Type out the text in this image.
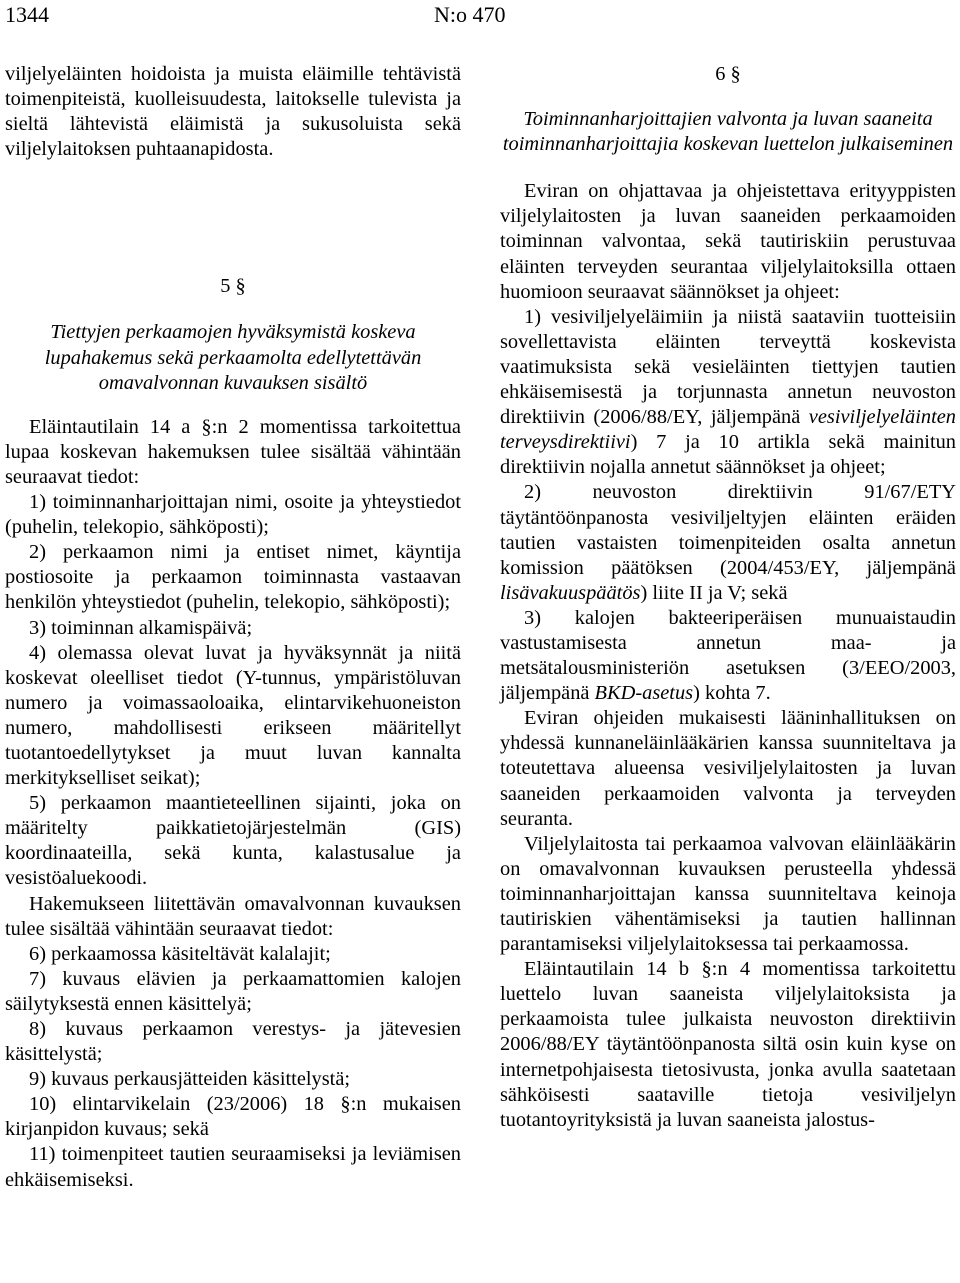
1344	N:o 470

viljelyeläinten hoidoista ja muista eläimille tehtävistä toimenpiteistä, kuolleisuudesta, laitokselle tulevista ja sieltä lähtevistä eläimistä ja sukusoluista sekä viljelylaitoksen puhtaanapidosta.

5 §

Tiettyjen perkaamojen hyväksymistä koskeva lupahakemus sekä perkaamolta edellytettävän omavalvonnan kuvauksen sisältö

Eläintautilain 14 a §:n 2 momentissa tarkoitettua lupaa koskevan hakemuksen tulee sisältää vähintään seuraavat tiedot:

1) toiminnanharjoittajan nimi, osoite ja yhteystiedot (puhelin, telekopio, sähköposti);

2) perkaamon nimi ja entiset nimet, käyntija postiosoite ja perkaamon toiminnasta vastaavan henkilön yhteystiedot (puhelin, telekopio, sähköposti);

3) toiminnan alkamispäivä;

4) olemassa olevat luvat ja hyväksynnät ja niitä koskevat oleelliset tiedot (Y-tunnus, ympäristöluvan numero ja voimassaoloaika, elintarvikehuoneiston numero, mahdollisesti erikseen määritellyt tuotantoedellytykset ja muut luvan kannalta merkitykselliset seikat);

5) perkaamon maantieteellinen sijainti, joka on määritelty paikkatietojärjestelmän (GIS) koordinaateilla, sekä kunta, kalastusalue ja vesistöaluekoodi.

Hakemukseen liitettävän omavalvonnan kuvauksen tulee sisältää vähintään seuraavat tiedot:

6) perkaamossa käsiteltävät kalalajit;

7) kuvaus elävien ja perkaamattomien kalojen säilytyksestä ennen käsittelyä;

8) kuvaus perkaamon verestys- ja jätevesien käsittelystä;

9) kuvaus perkausjätteiden käsittelystä;

10) elintarvikelain (23/2006) 18 §:n mukaisen kirjanpidon kuvaus; sekä

11) toimenpiteet tautien seuraamiseksi ja leviämisen ehkäisemiseksi.

6 §

Toiminnanharjoittajien valvonta ja luvan saaneita toiminnanharjoittajia koskevan luettelon julkaiseminen

Eviran on ohjattavaa ja ohjeistettava erityyppisten viljelylaitosten ja luvan saaneiden perkaamoiden toiminnan valvontaa, sekä tautiriskiin perustuvaa eläinten terveyden seurantaa viljelylaitoksilla ottaen huomioon seuraavat säännökset ja ohjeet:

1) vesiviljelyeläimiin ja niistä saataviin tuotteisiin sovellettavista eläinten terveyttä koskevista vaatimuksista sekä vesieläinten tiettyjen tautien ehkäisemisestä ja torjunnasta annetun neuvoston direktiivin (2006/88/EY, jäljempänä vesiviljelyeläinten terveysdirektiivi) 7 ja 10 artikla sekä mainitun direktiivin nojalla annetut säännökset ja ohjeet;

2) neuvoston direktiivin 91/67/ETY täytäntöönpanosta vesiviljeltyjen eläinten eräiden tautien vastaisten toimenpiteiden osalta annetun komission päätöksen (2004/453/EY, jäljempänä lisävakuuspäätös) liite II ja V; sekä

3) kalojen bakteeriperäisen munuaistaudin vastustamisesta annetun maa- ja metsätalousministeriön asetuksen (3/EEO/2003, jäljempänä BKD-asetus) kohta 7.

Eviran ohjeiden mukaisesti lääninhallituksen on yhdessä kunnaneläinlääkärien kanssa suunniteltava ja toteutettava alueensa vesiviljelylaitosten ja luvan saaneiden perkaamoiden valvonta ja terveyden seuranta.

Viljelylaitosta tai perkaamoa valvovan eläinlääkärin on omavalvonnan kuvauksen perusteella yhdessä toiminnanharjoittajan kanssa suunniteltava keinoja tautiriskien vähentämiseksi ja tautien hallinnan parantamiseksi viljelylaitoksessa tai perkaamossa.

Eläintautilain 14 b §:n 4 momentissa tarkoitettu luettelo luvan saaneista viljelylaitoksista ja perkaamoista tulee julkaista neuvoston direktiivin 2006/88/EY täytäntöönpanosta siltä osin kuin kyse on internetpohjaisesta tietosivusta, jonka avulla saatetaan sähköisesti saataville tietoja vesiviljelyn tuotantoyrityksistä ja luvan saaneista jalostus-
